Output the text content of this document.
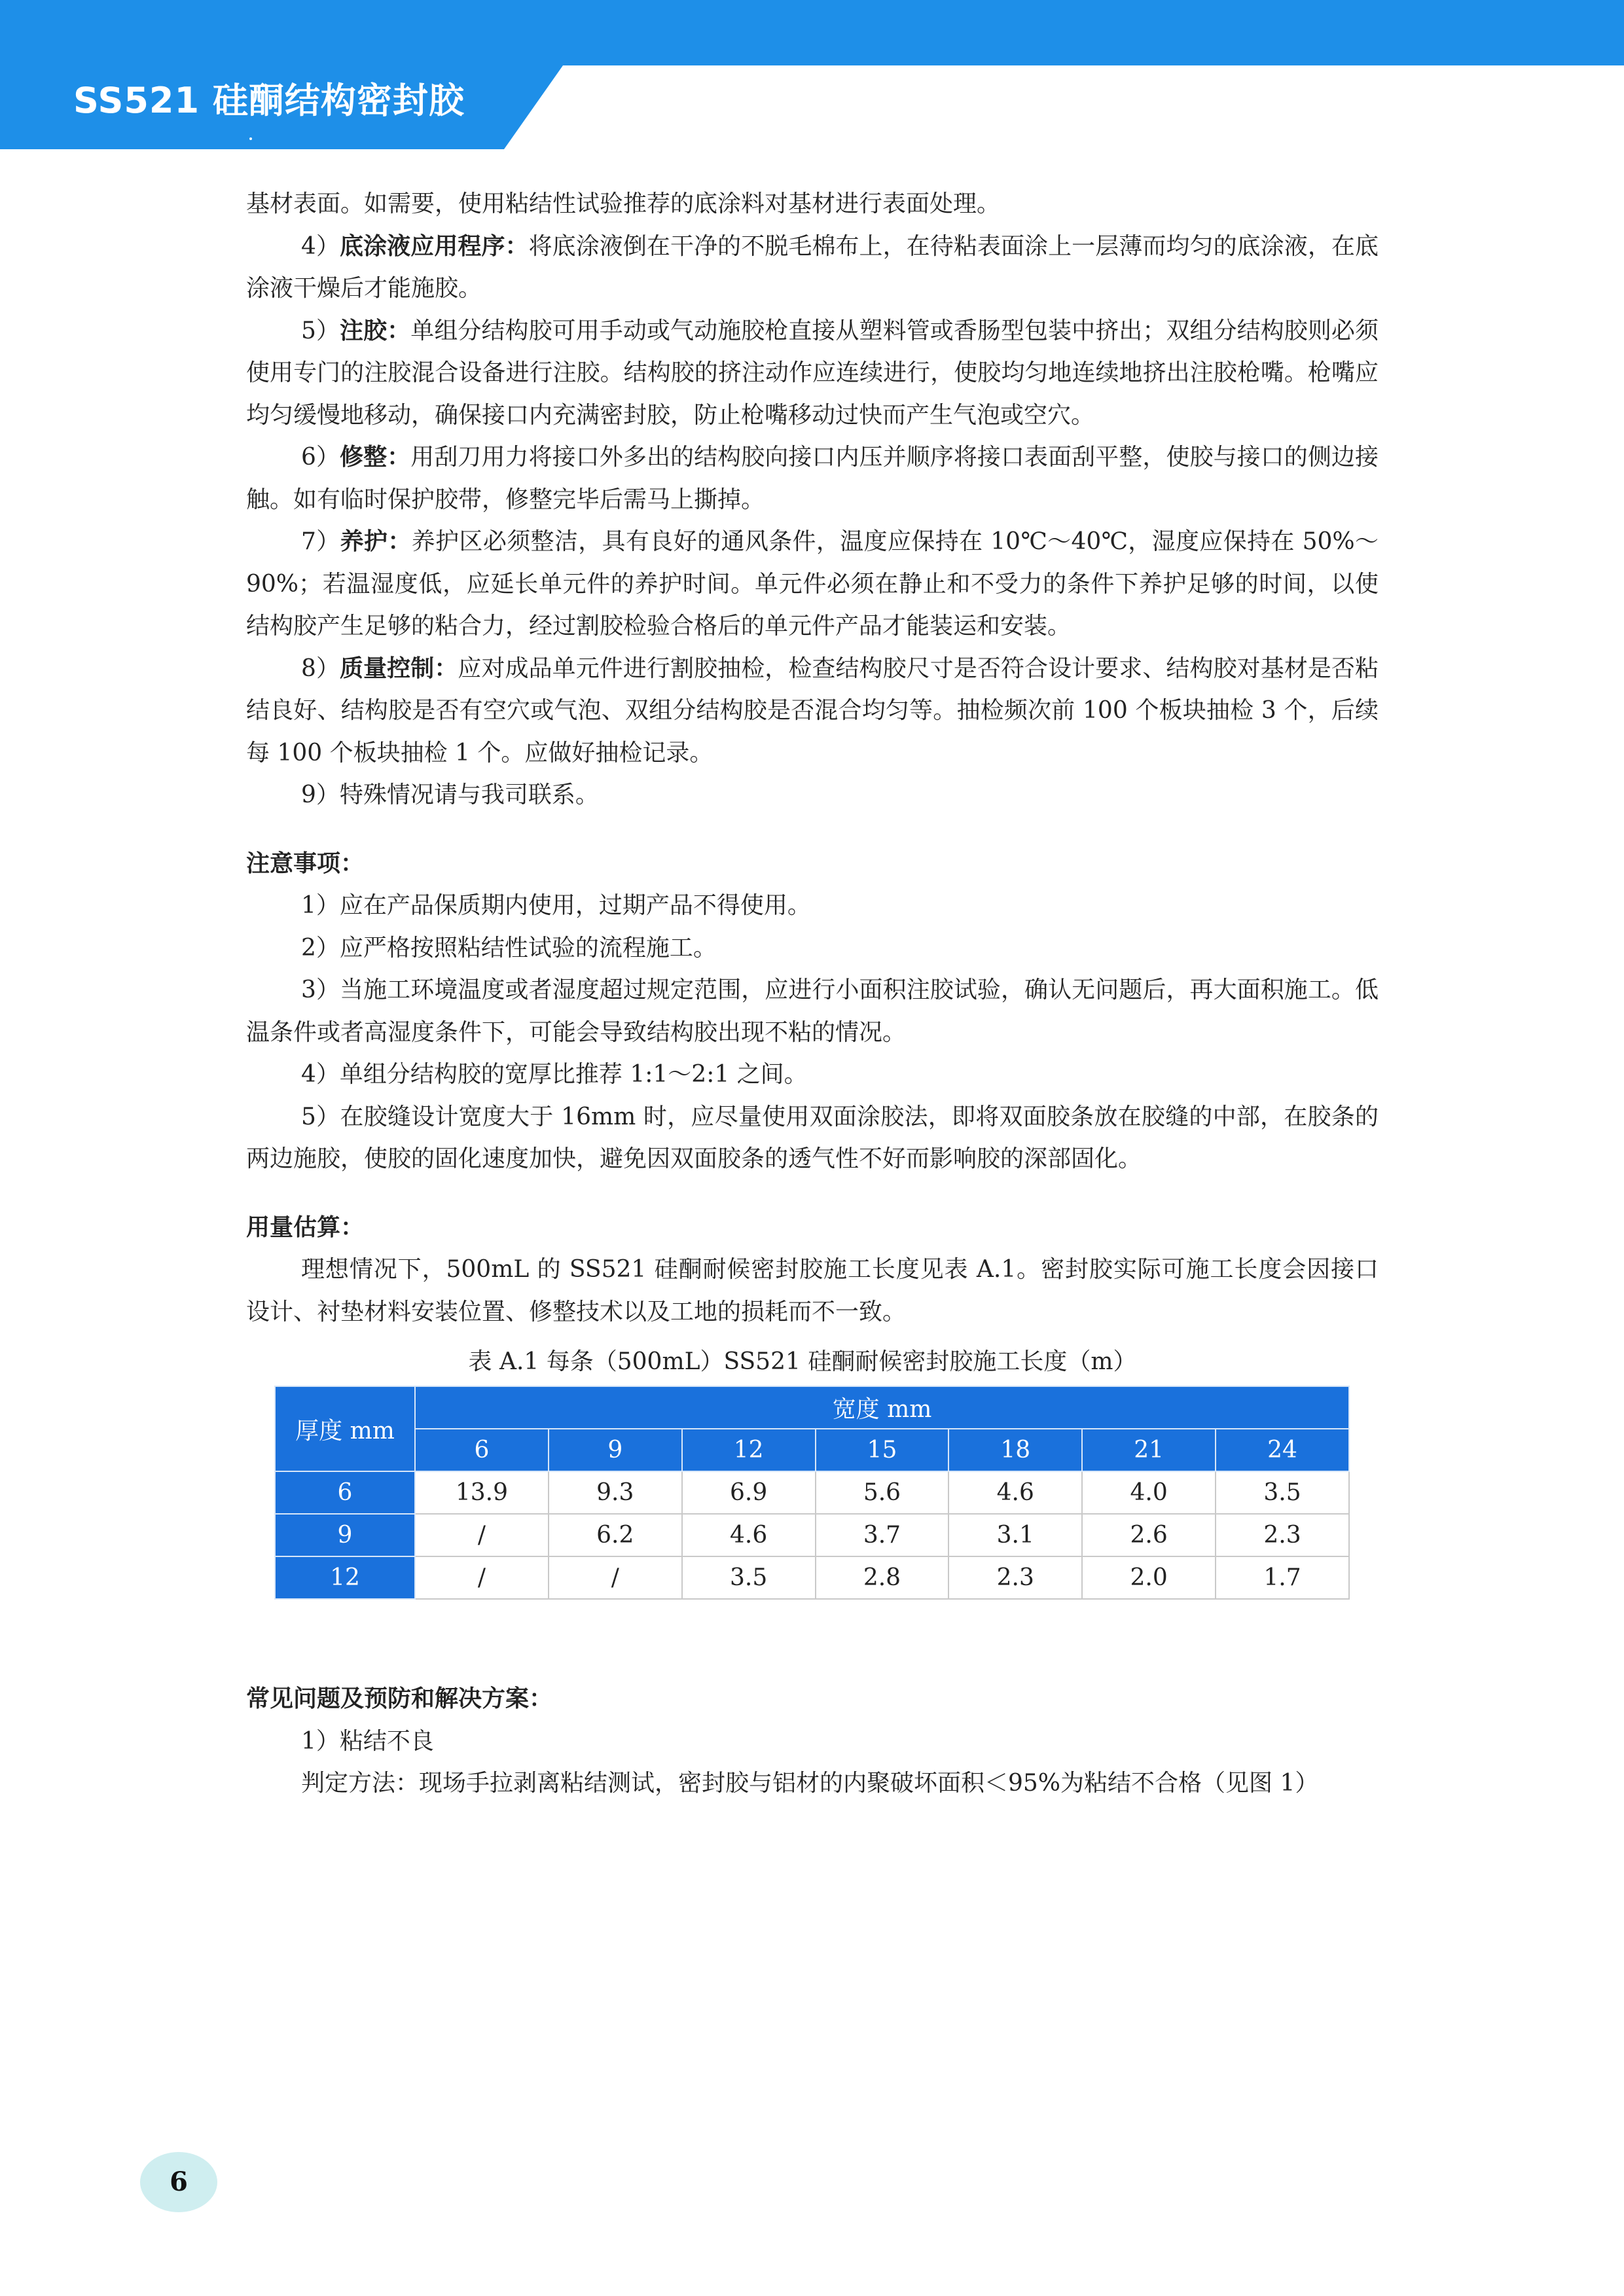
SS521 硅酮结构密封胶

基材表面。如需要，使用粘结性试验推荐的底涂料对基材进行表面处理。

4）底涂液应用程序：将底涂液倒在干净的不脱毛棉布上，在待粘表面涂上一层薄而均匀的底涂液，在底涂液干燥后才能施胶。

5）注胶：单组分结构胶可用手动或气动施胶枪直接从塑料管或香肠型包装中挤出；双组分结构胶则必须使用专门的注胶混合设备进行注胶。结构胶的挤注动作应连续进行，使胶均匀地连续地挤出注胶枪嘴。枪嘴应均匀缓慢地移动，确保接口内充满密封胶，防止枪嘴移动过快而产生气泡或空穴。

6）修整：用刮刀用力将接口外多出的结构胶向接口内压并顺序将接口表面刮平整，使胶与接口的侧边接触。如有临时保护胶带，修整完毕后需马上撕掉。

7）养护：养护区必须整洁，具有良好的通风条件，温度应保持在 10℃～40℃，湿度应保持在 50%～90%；若温湿度低，应延长单元件的养护时间。单元件必须在静止和不受力的条件下养护足够的时间，以使结构胶产生足够的粘合力，经过割胶检验合格后的单元件产品才能装运和安装。

8）质量控制：应对成品单元件进行割胶抽检，检查结构胶尺寸是否符合设计要求、结构胶对基材是否粘结良好、结构胶是否有空穴或气泡、双组分结构胶是否混合均匀等。抽检频次前 100 个板块抽检 3 个，后续每 100 个板块抽检 1 个。应做好抽检记录。

9）特殊情况请与我司联系。

注意事项：

1）应在产品保质期内使用，过期产品不得使用。

2）应严格按照粘结性试验的流程施工。

3）当施工环境温度或者湿度超过规定范围，应进行小面积注胶试验，确认无问题后，再大面积施工。低温条件或者高湿度条件下，可能会导致结构胶出现不粘的情况。

4）单组分结构胶的宽厚比推荐 1:1～2:1 之间。

5）在胶缝设计宽度大于 16mm 时，应尽量使用双面涂胶法，即将双面胶条放在胶缝的中部，在胶条的两边施胶，使胶的固化速度加快，避免因双面胶条的透气性不好而影响胶的深部固化。

用量估算：

理想情况下，500mL 的 SS521 硅酮耐候密封胶施工长度见表 A.1。密封胶实际可施工长度会因接口设计、衬垫材料安装位置、修整技术以及工地的损耗而不一致。

表 A.1 每条（500mL）SS521 硅酮耐候密封胶施工长度（m）
厚度 mm	宽度 mm						
	6	9	12	15	18	21	24
6	13.9	9.3	6.9	5.6	4.6	4.0	3.5
9	/	6.2	4.6	3.7	3.1	2.6	2.3
12	/	/	3.5	2.8	2.3	2.0	1.7

常见问题及预防和解决方案：

1）粘结不良

判定方法：现场手拉剥离粘结测试，密封胶与铝材的内聚破坏面积＜95%为粘结不合格（见图 1）

6
